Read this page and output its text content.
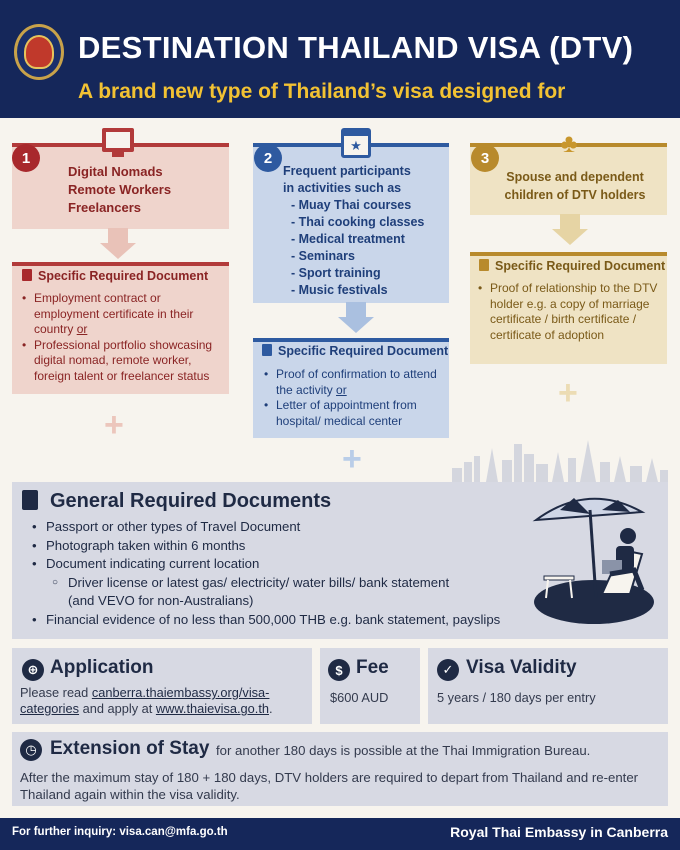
DESTINATION THAILAND VISA (DTV)
A brand new type of Thailand’s visa designed for
1
Digital Nomads
Remote Workers
Freelancers
Specific Required Document
• Employment contract or employment certificate in their country or
• Professional portfolio showcasing digital nomad, remote worker, foreign talent or freelancer status
+
2
★
Frequent participants
in activities such as
- Muay Thai courses
- Thai cooking classes
- Medical treatment
- Seminars
- Sport training
- Music festivals
Specific Required Document
• Proof of confirmation to attend the activity or
• Letter of appointment from hospital/ medical center
+
3	♣
Spouse and dependent
children of DTV holders
Specific Required Document
• Proof of relationship to the DTV holder e.g. a copy of marriage certificate / birth certificate / certificate of adoption
+
General Required Documents
• Passport or other types of Travel Document
• Photograph taken within 6 months
• Document indicating current location
○ Driver license or latest gas/ electricity/ water bills/ bank statement
(and VEVO for non-Australians)
• Financial evidence of no less than 500,000 THB e.g. bank statement, payslips
⊕ Application
Please read canberra.thaiembassy.org/visa-categories and apply at www.thaievisa.go.th.
$ Fee
$600 AUD
✓ Visa Validity
5 years / 180 days per entry
◷ Extension of Stay for another 180 days is possible at the Thai Immigration Bureau.
After the maximum stay of 180 + 180 days, DTV holders are required to depart from Thailand and re-enter Thailand again within the visa validity.
For further inquiry: visa.can@mfa.go.th	Royal Thai Embassy in Canberra
